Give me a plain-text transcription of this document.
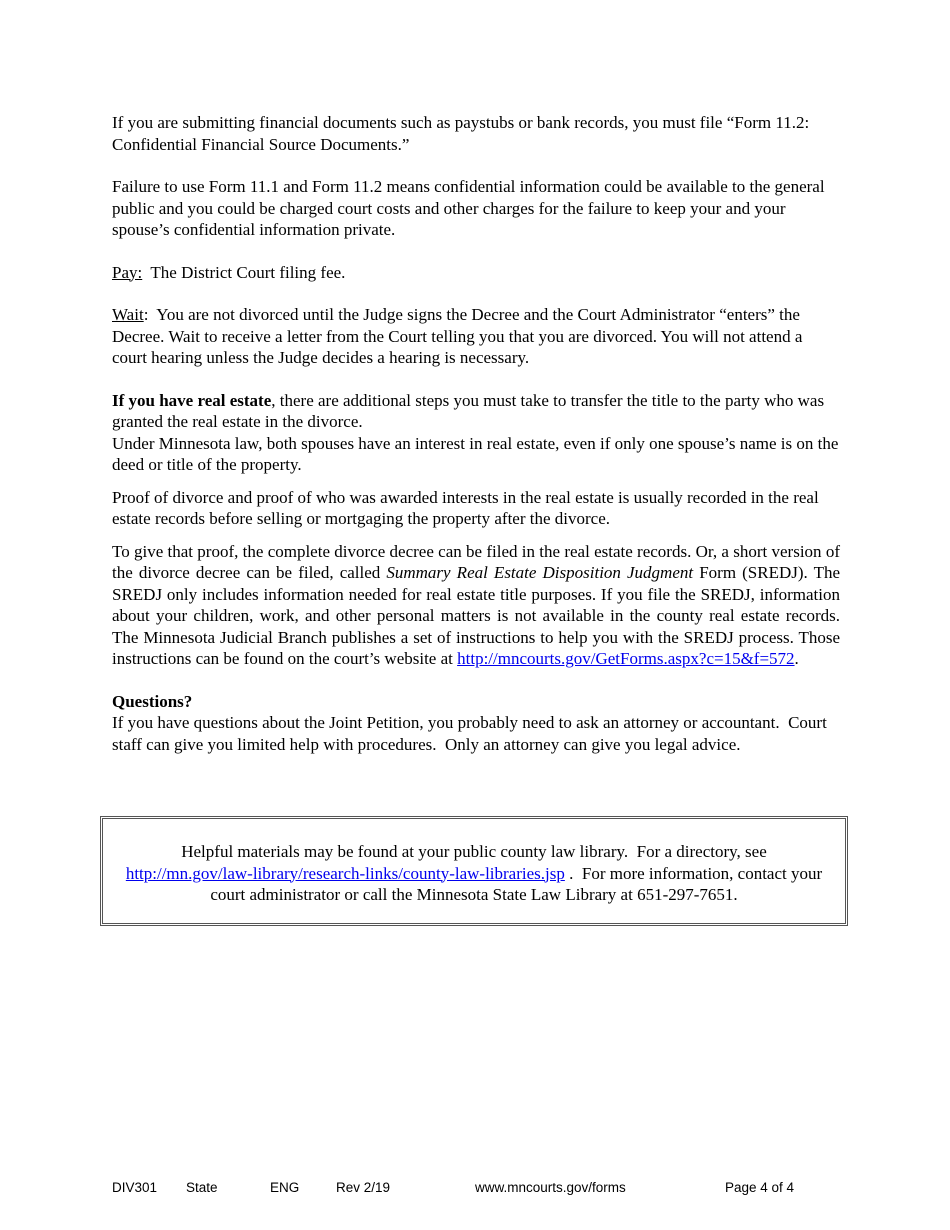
If you are submitting financial documents such as paystubs or bank records, you must file “Form 11.2: Confidential Financial Source Documents.”

Failure to use Form 11.1 and Form 11.2 means confidential information could be available to the general public and you could be charged court costs and other charges for the failure to keep your and your spouse’s confidential information private.

Pay:  The District Court filing fee.

Wait:  You are not divorced until the Judge signs the Decree and the Court Administrator “enters” the Decree. Wait to receive a letter from the Court telling you that you are divorced. You will not attend a court hearing unless the Judge decides a hearing is necessary.

If you have real estate, there are additional steps you must take to transfer the title to the party who was granted the real estate in the divorce.

Under Minnesota law, both spouses have an interest in real estate, even if only one spouse’s name is on the deed or title of the property.

Proof of divorce and proof of who was awarded interests in the real estate is usually recorded in the real estate records before selling or mortgaging the property after the divorce.

To give that proof, the complete divorce decree can be filed in the real estate records. Or, a short version of the divorce decree can be filed, called Summary Real Estate Disposition Judgment Form (SREDJ). The SREDJ only includes information needed for real estate title purposes. If you file the SREDJ, information about your children, work, and other personal matters is not available in the county real estate records.  The Minnesota Judicial Branch publishes a set of instructions to help you with the SREDJ process. Those instructions can be found on the court’s website at http://mncourts.gov/GetForms.aspx?c=15&f=572.

Questions?

If you have questions about the Joint Petition, you probably need to ask an attorney or accountant.  Court staff can give you limited help with procedures.  Only an attorney can give you legal advice.

Helpful materials may be found at your public county law library.  For a directory, see
http://mn.gov/law-library/research-links/county-law-libraries.jsp .  For more information, contact your court administrator or call the Minnesota State Law Library at 651-297-7651.
DIV301 State	ENG	Rev 2/19	www.mncourts.gov/forms	Page 4 of 4
